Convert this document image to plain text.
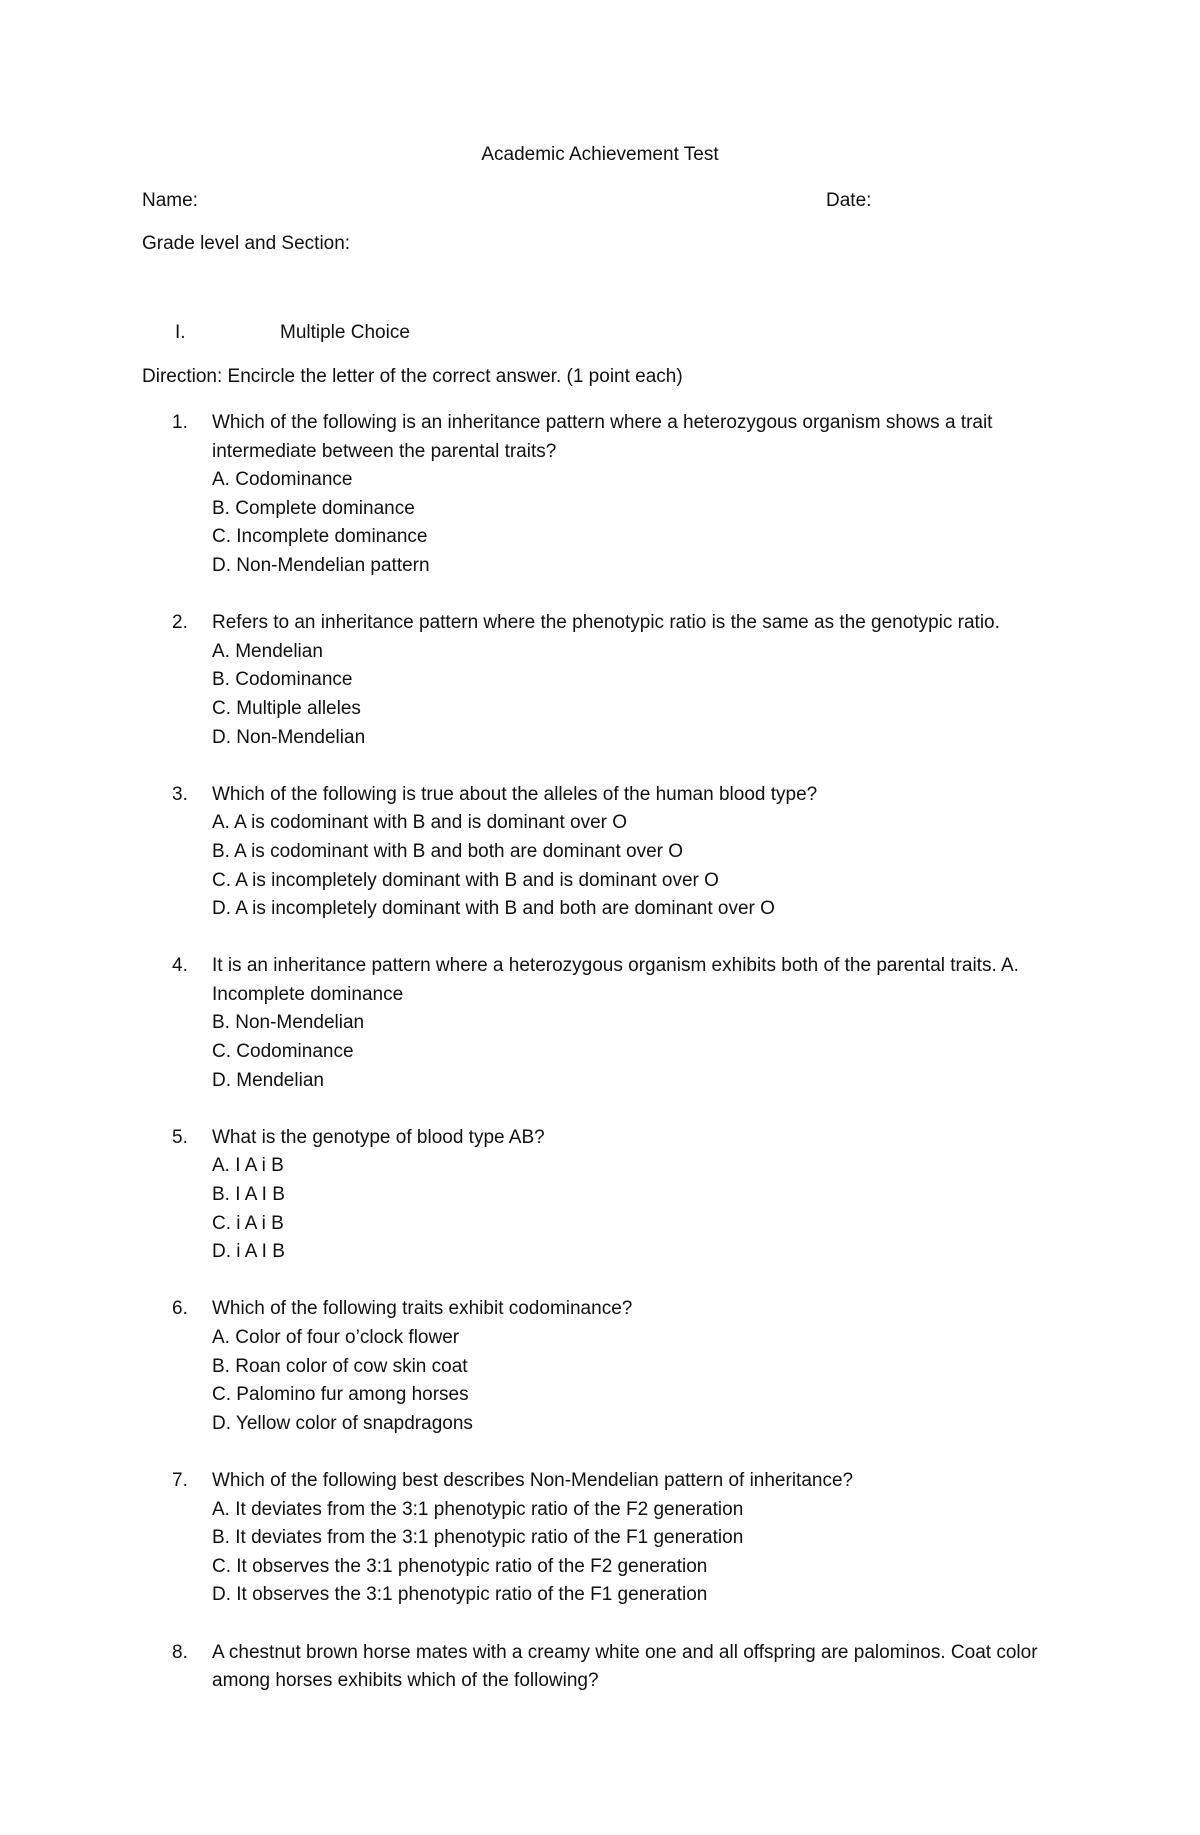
Academic Achievement Test
Name:	Date:
Grade level and Section:
I.	Multiple Choice
Direction: Encircle the letter of the correct answer. (1 point each)
1.	Which of the following is an inheritance pattern where a heterozygous organism shows a trait intermediate between the parental traits?
A. Codominance
B. Complete dominance
C. Incomplete dominance
D. Non-Mendelian pattern
2.	Refers to an inheritance pattern where the phenotypic ratio is the same as the genotypic ratio.
A. Mendelian
B. Codominance
C. Multiple alleles
D. Non-Mendelian
3.	Which of the following is true about the alleles of the human blood type?
A. A is codominant with B and is dominant over O
B. A is codominant with B and both are dominant over O
C. A is incompletely dominant with B and is dominant over O
D. A is incompletely dominant with B and both are dominant over O
4.	It is an inheritance pattern where a heterozygous organism exhibits both of the parental traits. A. Incomplete dominance
B. Non-Mendelian
C. Codominance
D. Mendelian
5.	What is the genotype of blood type AB?
A. I A i B
B. I A I B
C. i A i B
D. i A I B
6.	Which of the following traits exhibit codominance?
A. Color of four o’clock flower
B. Roan color of cow skin coat
C. Palomino fur among horses
D. Yellow color of snapdragons
7.	Which of the following best describes Non-Mendelian pattern of inheritance?
A. It deviates from the 3:1 phenotypic ratio of the F2 generation
B. It deviates from the 3:1 phenotypic ratio of the F1 generation
C. It observes the 3:1 phenotypic ratio of the F2 generation
D. It observes the 3:1 phenotypic ratio of the F1 generation
8.	A chestnut brown horse mates with a creamy white one and all offspring are palominos. Coat color among horses exhibits which of the following?
